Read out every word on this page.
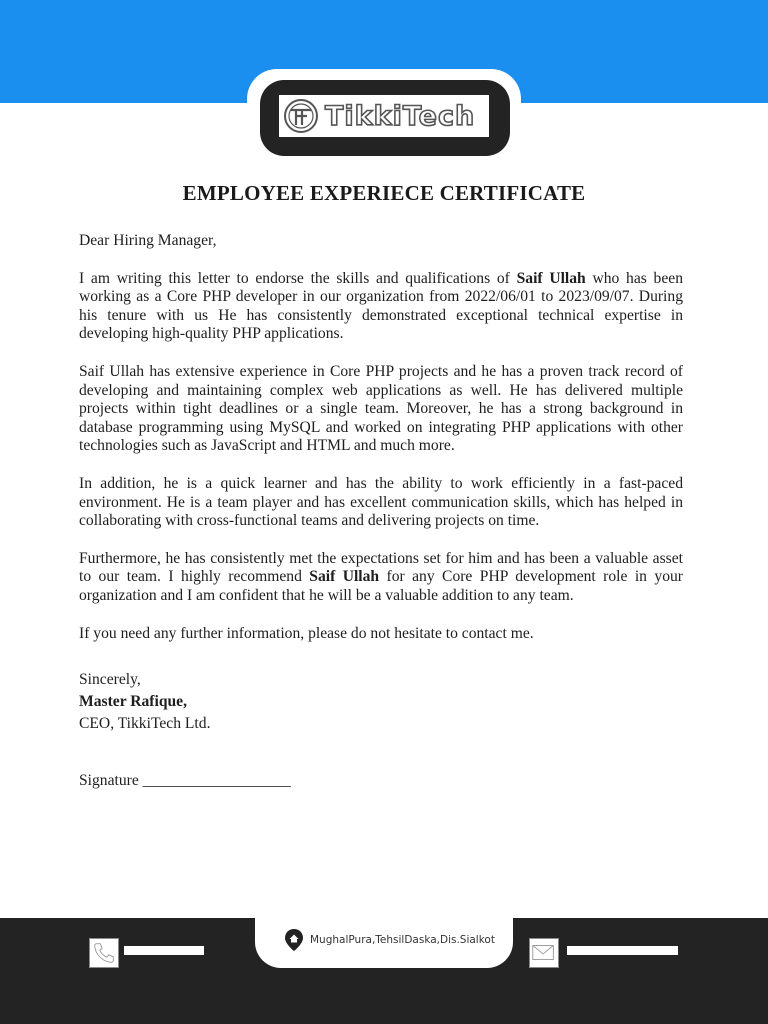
TikkiTech
EMPLOYEE EXPERIECE CERTIFICATE

Dear Hiring Manager,

I am writing this letter to endorse the skills and qualifications of Saif Ullah who has been working as a Core PHP developer in our organization from 2022/06/01 to 2023/09/07. During his tenure with us He has consistently demonstrated exceptional technical expertise in developing high-quality PHP applications.

Saif Ullah has extensive experience in Core PHP projects and he has a proven track record of developing and maintaining complex web applications as well. He has delivered multiple projects within tight deadlines or a single team. Moreover, he has a strong background in database programming using MySQL and worked on integrating PHP applications with other technologies such as JavaScript and HTML and much more.

In addition, he is a quick learner and has the ability to work efficiently in a fast-paced environment. He is a team player and has excellent communication skills, which has helped in collaborating with cross-functional teams and delivering projects on time.

Furthermore, he has consistently met the expectations set for him and has been a valuable asset to our team. I highly recommend Saif Ullah for any Core PHP development role in your organization and I am confident that he will be a valuable addition to any team.

If you need any further information, please do not hesitate to contact me.

Sincerely,
Master Rafique,
CEO, TikkiTech Ltd.

Signature ___________________

MughalPura,TehsilDaska,Dis.Sialkot
